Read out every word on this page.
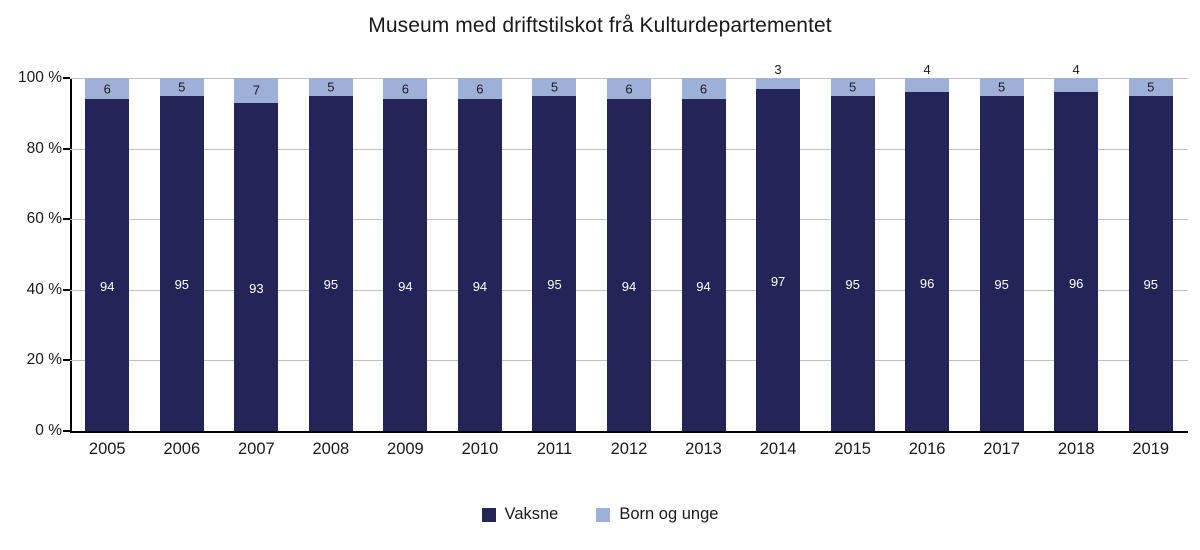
Museum med driftstilskot frå Kulturdepartementet
0 %
20 %
40 %
60 %
80 %
100 %
6
94
5
95
7
93
5
95
6
94
6
94
5
95
6
94
6
94
3
97
5
95
4
96
5
95
4
96
5
95
2005	2006	2007	2008	2009	2010	2011	2012	2013	2014	2015	2016	2017	2018	2019
Vaksne	Born og unge
